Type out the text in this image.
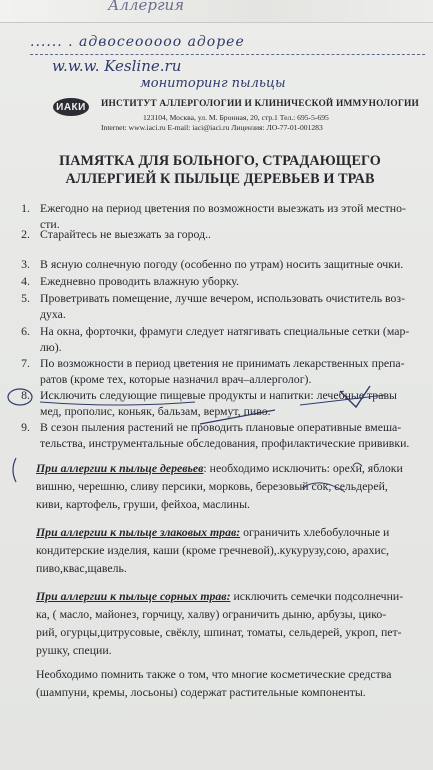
Аллергия
...... . адвосеооооо адорее
w.w.w. Kesline.ru
мониторинг пыльцы
ИАКИ	ИНСТИТУТ АЛЛЕРГОЛОГИИ И КЛИНИЧЕСКОЙ ИММУНОЛОГИИ
123104, Москва, ул. М. Бронная, 20, стр.1 Тел.: 695-5-695
Internet: www.iaci.ru E-mail: iaci@iaci.ru Лицензия: ЛО-77-01-001283
ПАМЯТКА ДЛЯ БОЛЬНОГО, СТРАДАЮЩЕГО
АЛЛЕРГИЕЙ К ПЫЛЬЦЕ ДЕРЕВЬЕВ И ТРАВ
1. Ежегодно на период цветения по возможности выезжать из этой местно-
сти.
2. Старайтесь не выезжать за город..
3. В ясную солнечную погоду (особенно по утрам) носить защитные очки.
4. Ежедневно проводить влажную уборку.
5. Проветривать помещение, лучше вечером, использовать очиститель воз-
духа.
6. На окна, форточки, фрамуги следует натягивать специальные сетки (мар-
лю).
7. По возможности в период цветения не принимать лекарственных препа-
ратов (кроме тех, которые назначил врач–аллерголог).
8. Исключить следующие пищевые продукты и напитки: лечебные травы
мед, прополис, коньяк, бальзам, вермут, пиво.
9. В сезон пыления растений не проводить плановые оперативные вмеша-
тельства, инструментальные обследования, профилактические прививки.
При аллергии к пыльце деревьев: необходимо исключить: орехи, яблоки
вишню, черешню, сливу персики, морковь, березовый сок, сельдерей,
киви, картофель, груши, фейхоа, маслины.
При аллергии к пыльце злаковых трав: ограничить хлебобулочные и
кондитерские изделия, каши (кроме гречневой),.кукурузу,сою, арахис,
пиво,квас,щавель.
При аллергии к пыльце сорных трав: исключить семечки подсолнечни-
ка, ( масло, майонез, горчицу, халву) ограничить дыню, арбузы, цико-
рий, огурцы,цитрусовые, свёклу, шпинат, томаты, сельдерей, укроп, пет-
рушку, специи.
Необходимо помнить также о том, что многие косметические средства
(шампуни, кремы, лосьоны) содержат растительные компоненты.
